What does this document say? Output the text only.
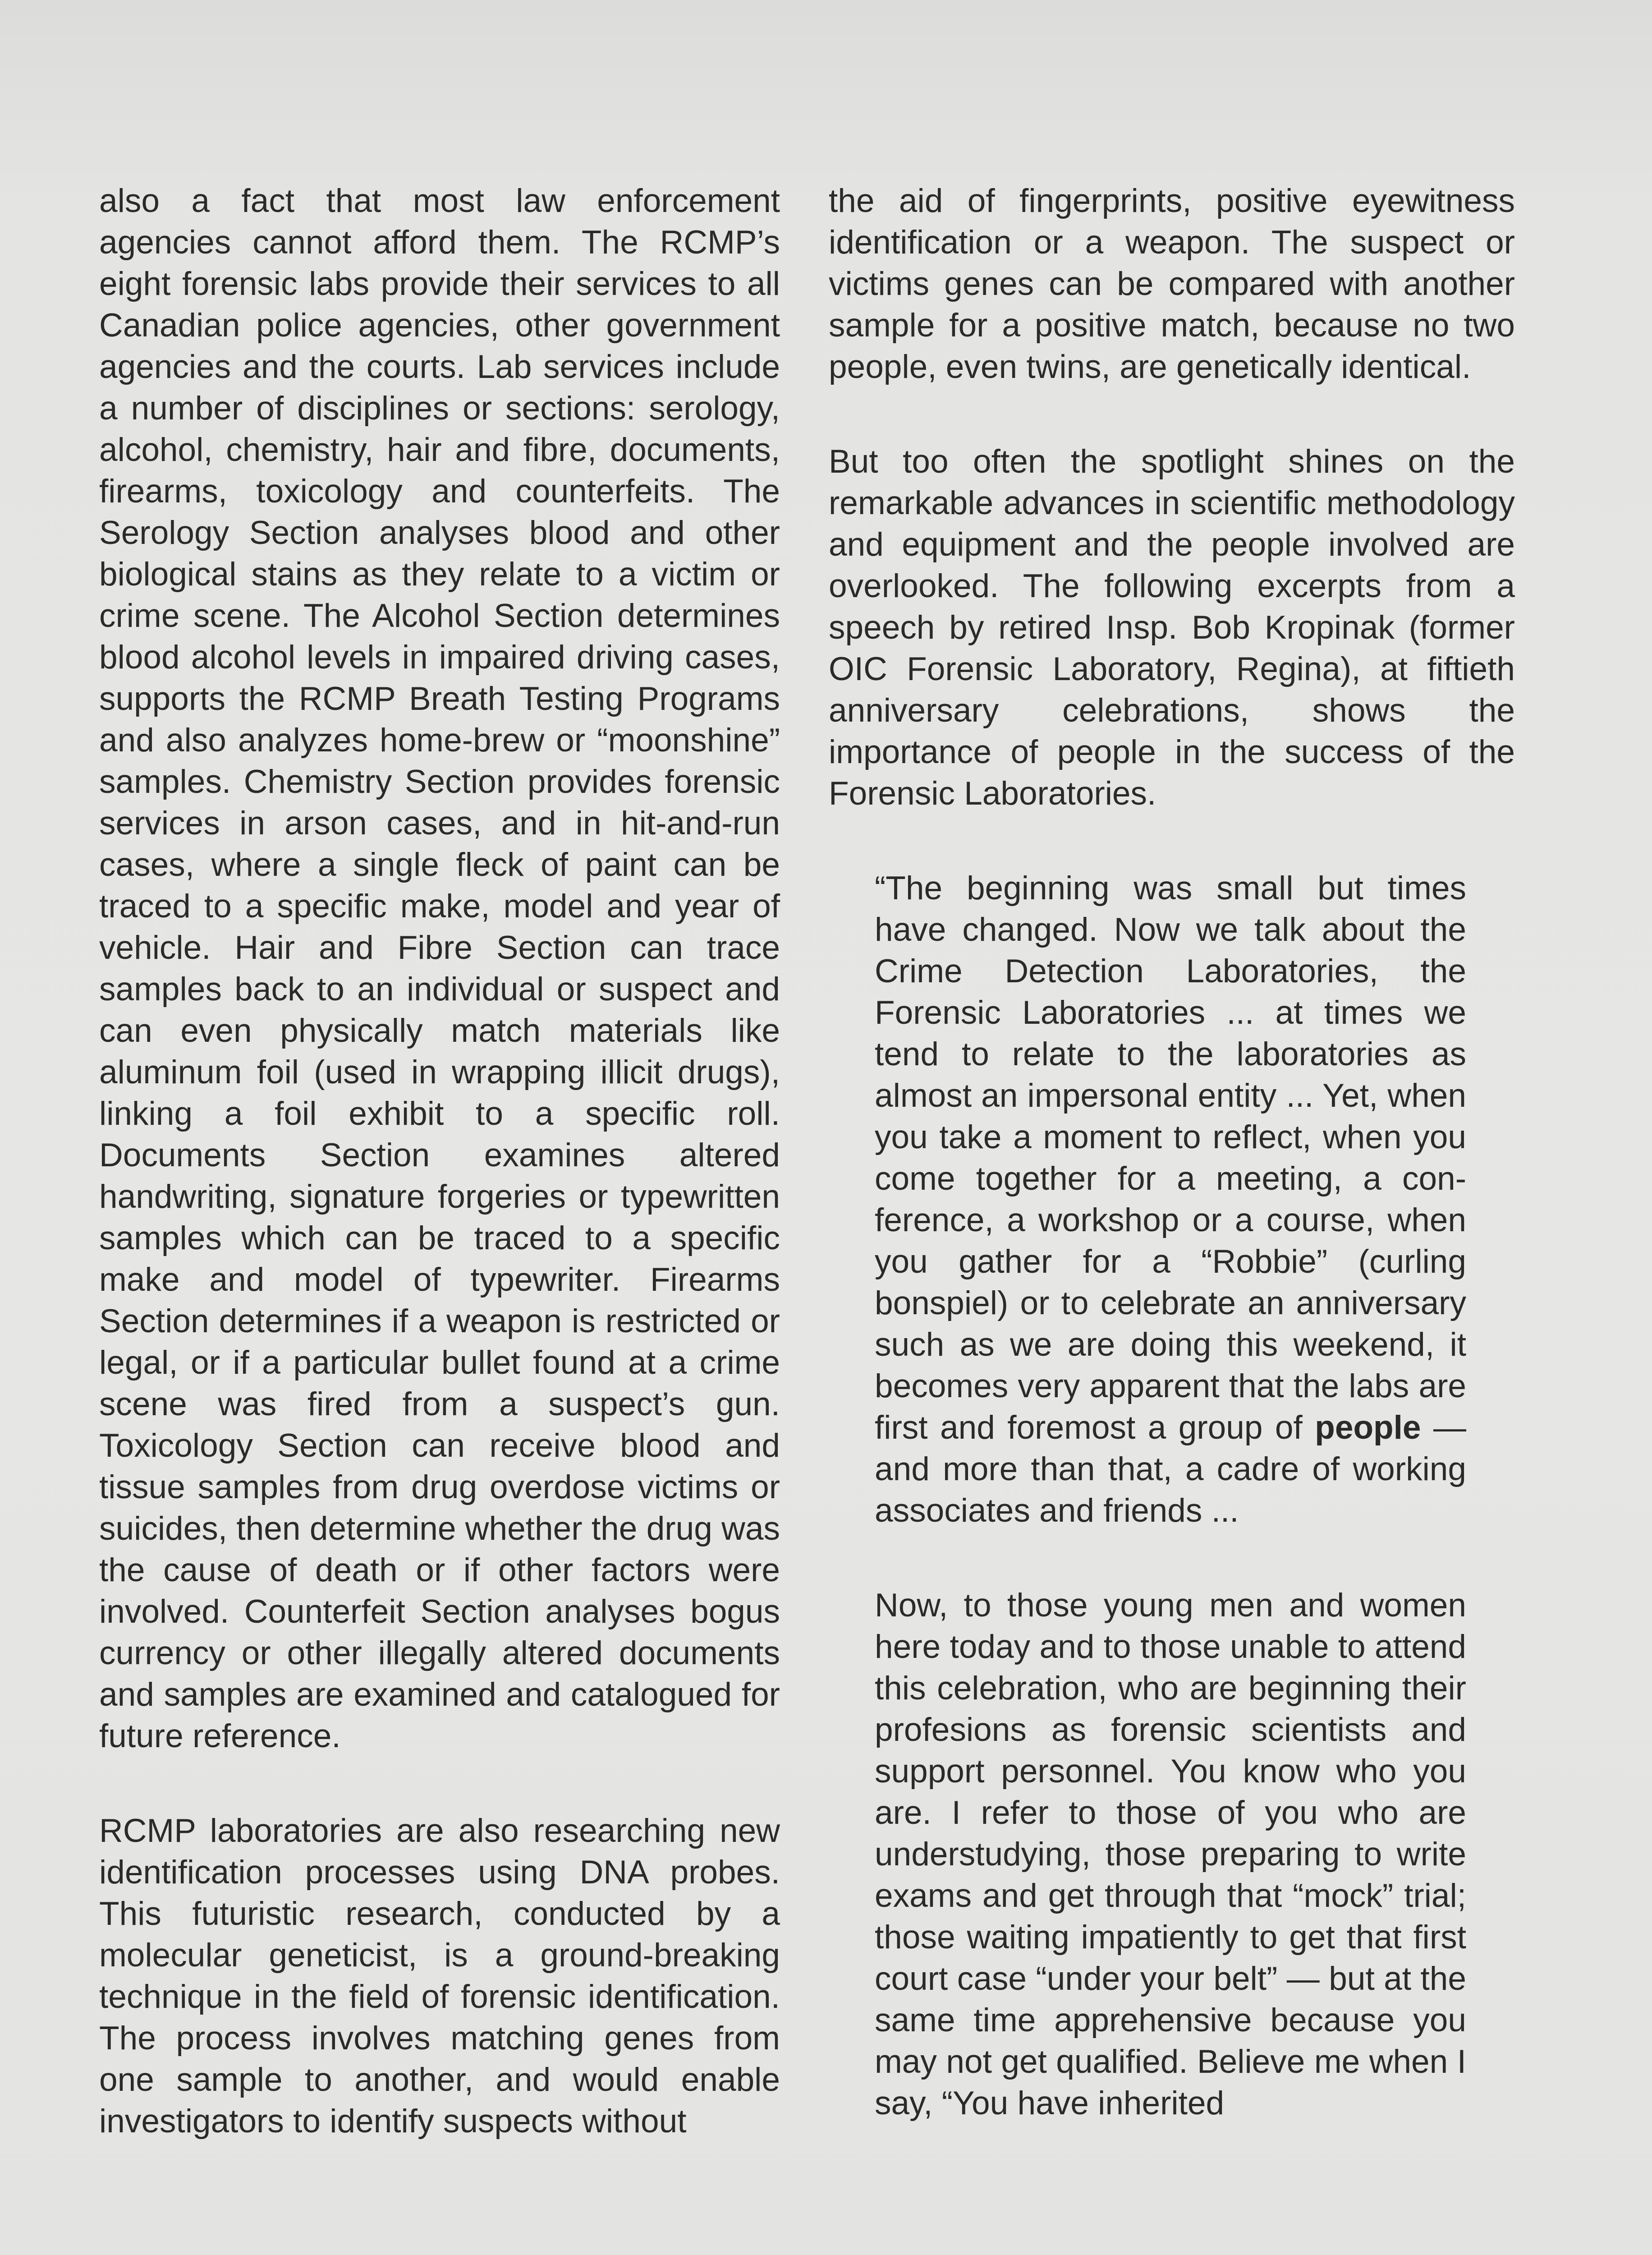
also a fact that most law enforcement agencies cannot afford them. The RCMP’s eight forensic labs provide their services to all Canadian police agencies, other government agencies and the courts. Lab services include a number of disciplines or sections: serology, alcohol, chemistry, hair and fibre, documents, firearms, toxicology and counterfeits. The Serology Section analyses blood and other biological stains as they relate to a victim or crime scene. The Alcohol Section determines blood alcohol levels in impaired driving cases, supports the RCMP Breath Testing Programs and also analyzes home-brew or “moonshine” samples. Chemistry Section provides forensic services in arson cases, and in hit-and-run cases, where a single fleck of paint can be traced to a specific make, model and year of vehicle. Hair and Fibre Section can trace samples back to an individual or suspect and can even physically match materials like aluminum foil (used in wrapping illicit drugs), linking a foil exhibit to a specific roll. Documents Section examines altered handwriting, signature forgeries or typewritten samples which can be traced to a specific make and model of typewriter. Firearms Section determines if a weapon is restricted or legal, or if a particular bullet found at a crime scene was fired from a suspect’s gun. Toxicology Section can receive blood and tissue samples from drug overdose victims or suicides, then determine whether the drug was the cause of death or if other factors were involved. Counterfeit Section analyses bogus currency or other illegally altered documents and samples are examined and catalogued for future reference.

RCMP laboratories are also researching new identification processes using DNA probes. This futuristic research, conducted by a molecular geneticist, is a ground-breaking technique in the field of forensic identification. The process involves matching genes from one sample to another, and would enable investigators to identify suspects without

the aid of fingerprints, positive eyewitness identification or a weapon. The suspect or victims genes can be compared with another sample for a positive match, because no two people, even twins, are genetically identical.

But too often the spotlight shines on the remarkable advances in scientific methodology and equipment and the people involved are overlooked. The following excerpts from a speech by retired Insp. Bob Kropinak (former OIC Forensic Laboratory, Regina), at fiftieth anniversary celebrations, shows the importance of people in the success of the Forensic Laboratories.

“The beginning was small but times have changed. Now we talk about the Crime Detection Laboratories, the Forensic Laboratories ... at times we tend to relate to the laboratories as almost an impersonal entity ... Yet, when you take a moment to reflect, when you come together for a meeting, a conference, a workshop or a course, when you gather for a “Robbie” (curling bonspiel) or to celebrate an anniversary such as we are doing this weekend, it becomes very apparent that the labs are first and foremost a group of people — and more than that, a cadre of working associates and friends ...

Now, to those young men and women here today and to those unable to attend this celebration, who are beginning their profesions as forensic scientists and support personnel. You know who you are. I refer to those of you who are understudying, those preparing to write exams and get through that “mock” trial; those waiting impatiently to get that first court case “under your belt” — but at the same time apprehensive because you may not get qualified. Believe me when I say, “You have inherited
